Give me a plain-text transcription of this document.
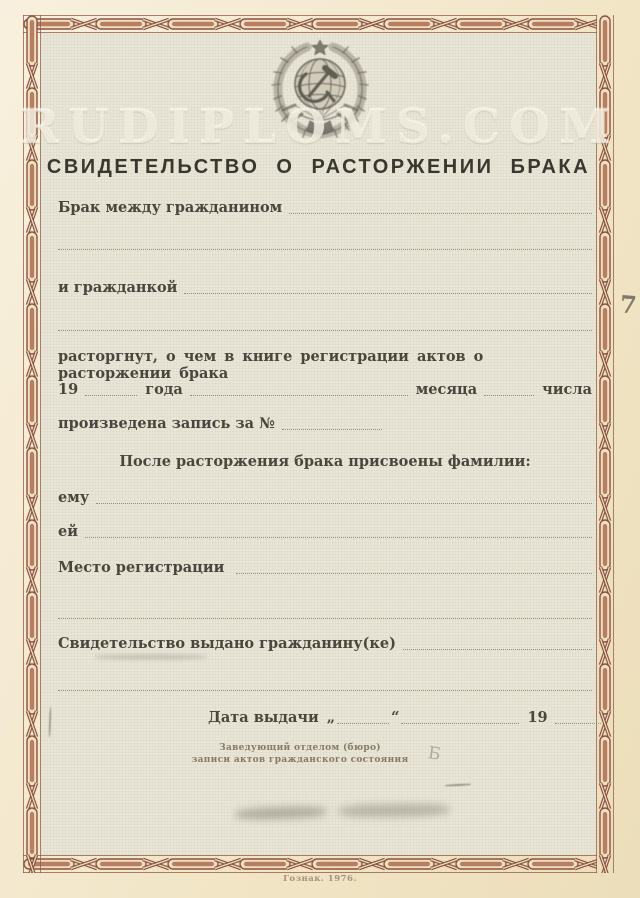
RUDIPLOMS.COM
СВИДЕТЕЛЬСТВО О РАСТОРЖЕНИИ БРАКА
Брак между гражданином
и гражданкой
расторгнут, о чем в книге регистрации актов о расторжении брака
19	года	месяца	числа
произведена запись за №
После расторжения брака присвоены фамилии:
ему
ей
Место регистрации
Свидетельство выдано гражданину(ке)
Дата выдачи „	“	19
Заведующий отделом (бюро)
записи актов гражданского состояния
7
Б
Гознак. 1976.
